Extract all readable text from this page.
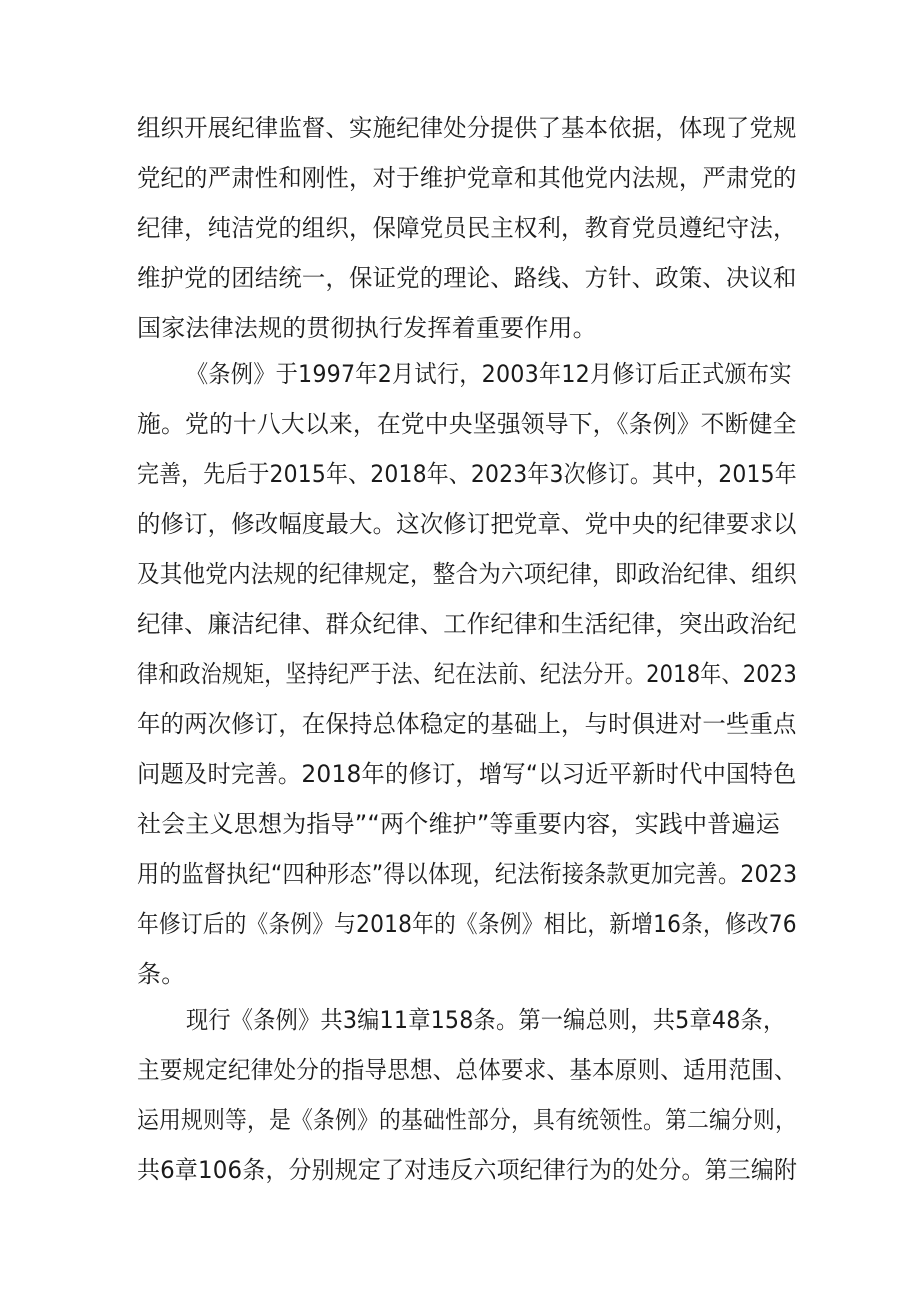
组织开展纪律监督、实施纪律处分提供了基本依据，体现了党规
党纪的严肃性和刚性，对于维护党章和其他党内法规，严肃党的
纪律，纯洁党的组织，保障党员民主权利，教育党员遵纪守法，
维护党的团结统一，保证党的理论、路线、方针、政策、决议和
国家法律法规的贯彻执行发挥着重要作用。
《条例》于1997年2月试行，2003年12月修订后正式颁布实
施。党的十八大以来，在党中央坚强领导下，《条例》不断健全
完善，先后于2015年、2018年、2023年3次修订。其中，2015年
的修订，修改幅度最大。这次修订把党章、党中央的纪律要求以
及其他党内法规的纪律规定，整合为六项纪律，即政治纪律、组织
纪律、廉洁纪律、群众纪律、工作纪律和生活纪律，突出政治纪
律和政治规矩，坚持纪严于法、纪在法前、纪法分开。2018年、2023
年的两次修订，在保持总体稳定的基础上，与时俱进对一些重点
问题及时完善。2018年的修订，增写“以习近平新时代中国特色
社会主义思想为指导”“两个维护”等重要内容，实践中普遍运
用的监督执纪“四种形态”得以体现，纪法衔接条款更加完善。2023
年修订后的《条例》与2018年的《条例》相比，新增16条，修改76
条。
现行《条例》共3编11章158条。第一编总则，共5章48条，
主要规定纪律处分的指导思想、总体要求、基本原则、适用范围、
运用规则等，是《条例》的基础性部分，具有统领性。第二编分则，
共6章106条，分别规定了对违反六项纪律行为的处分。第三编附
